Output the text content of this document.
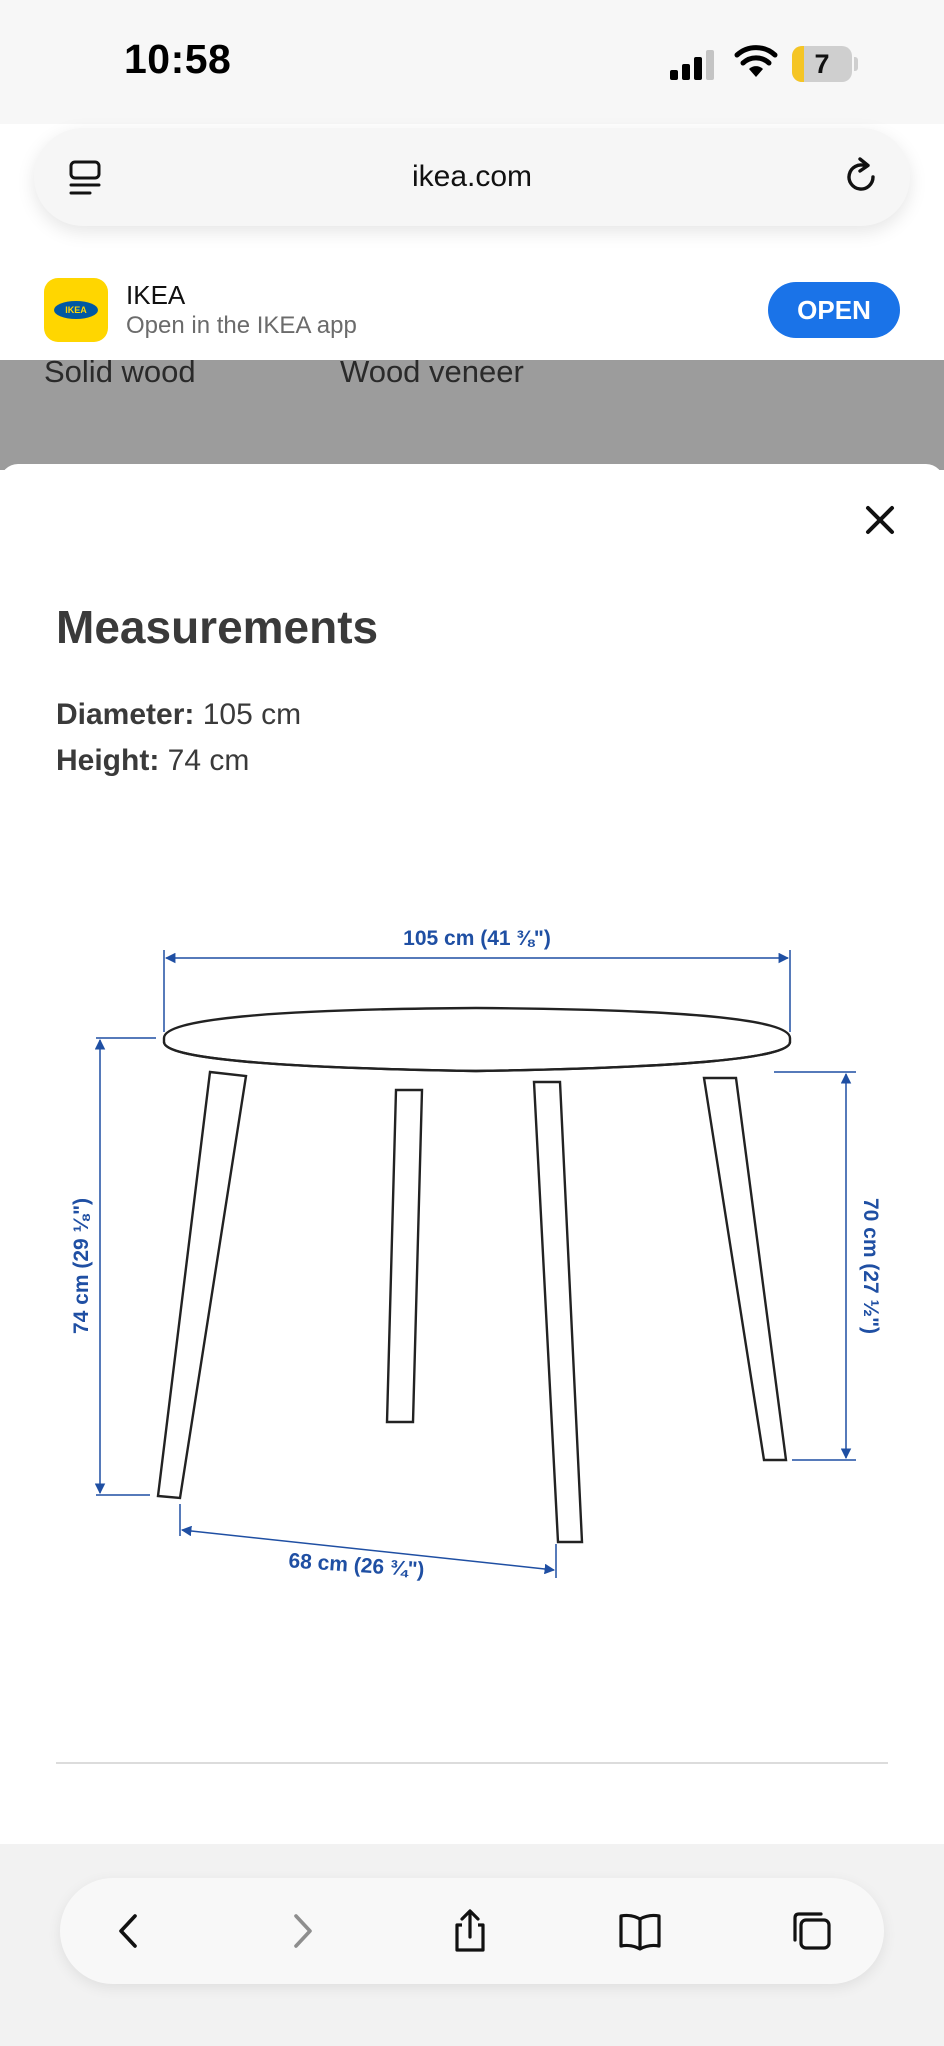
10:58	7
ikea.com
IKEA	IKEA
Open in the IKEA app
OPEN
Solid wood	Wood veneer
Measurements
Diameter: 105 cm
Height: 74 cm
105 cm (41 ⅜")
74 cm (29 ⅛")	70 cm (27 ½")
68 cm (26 ¾")
